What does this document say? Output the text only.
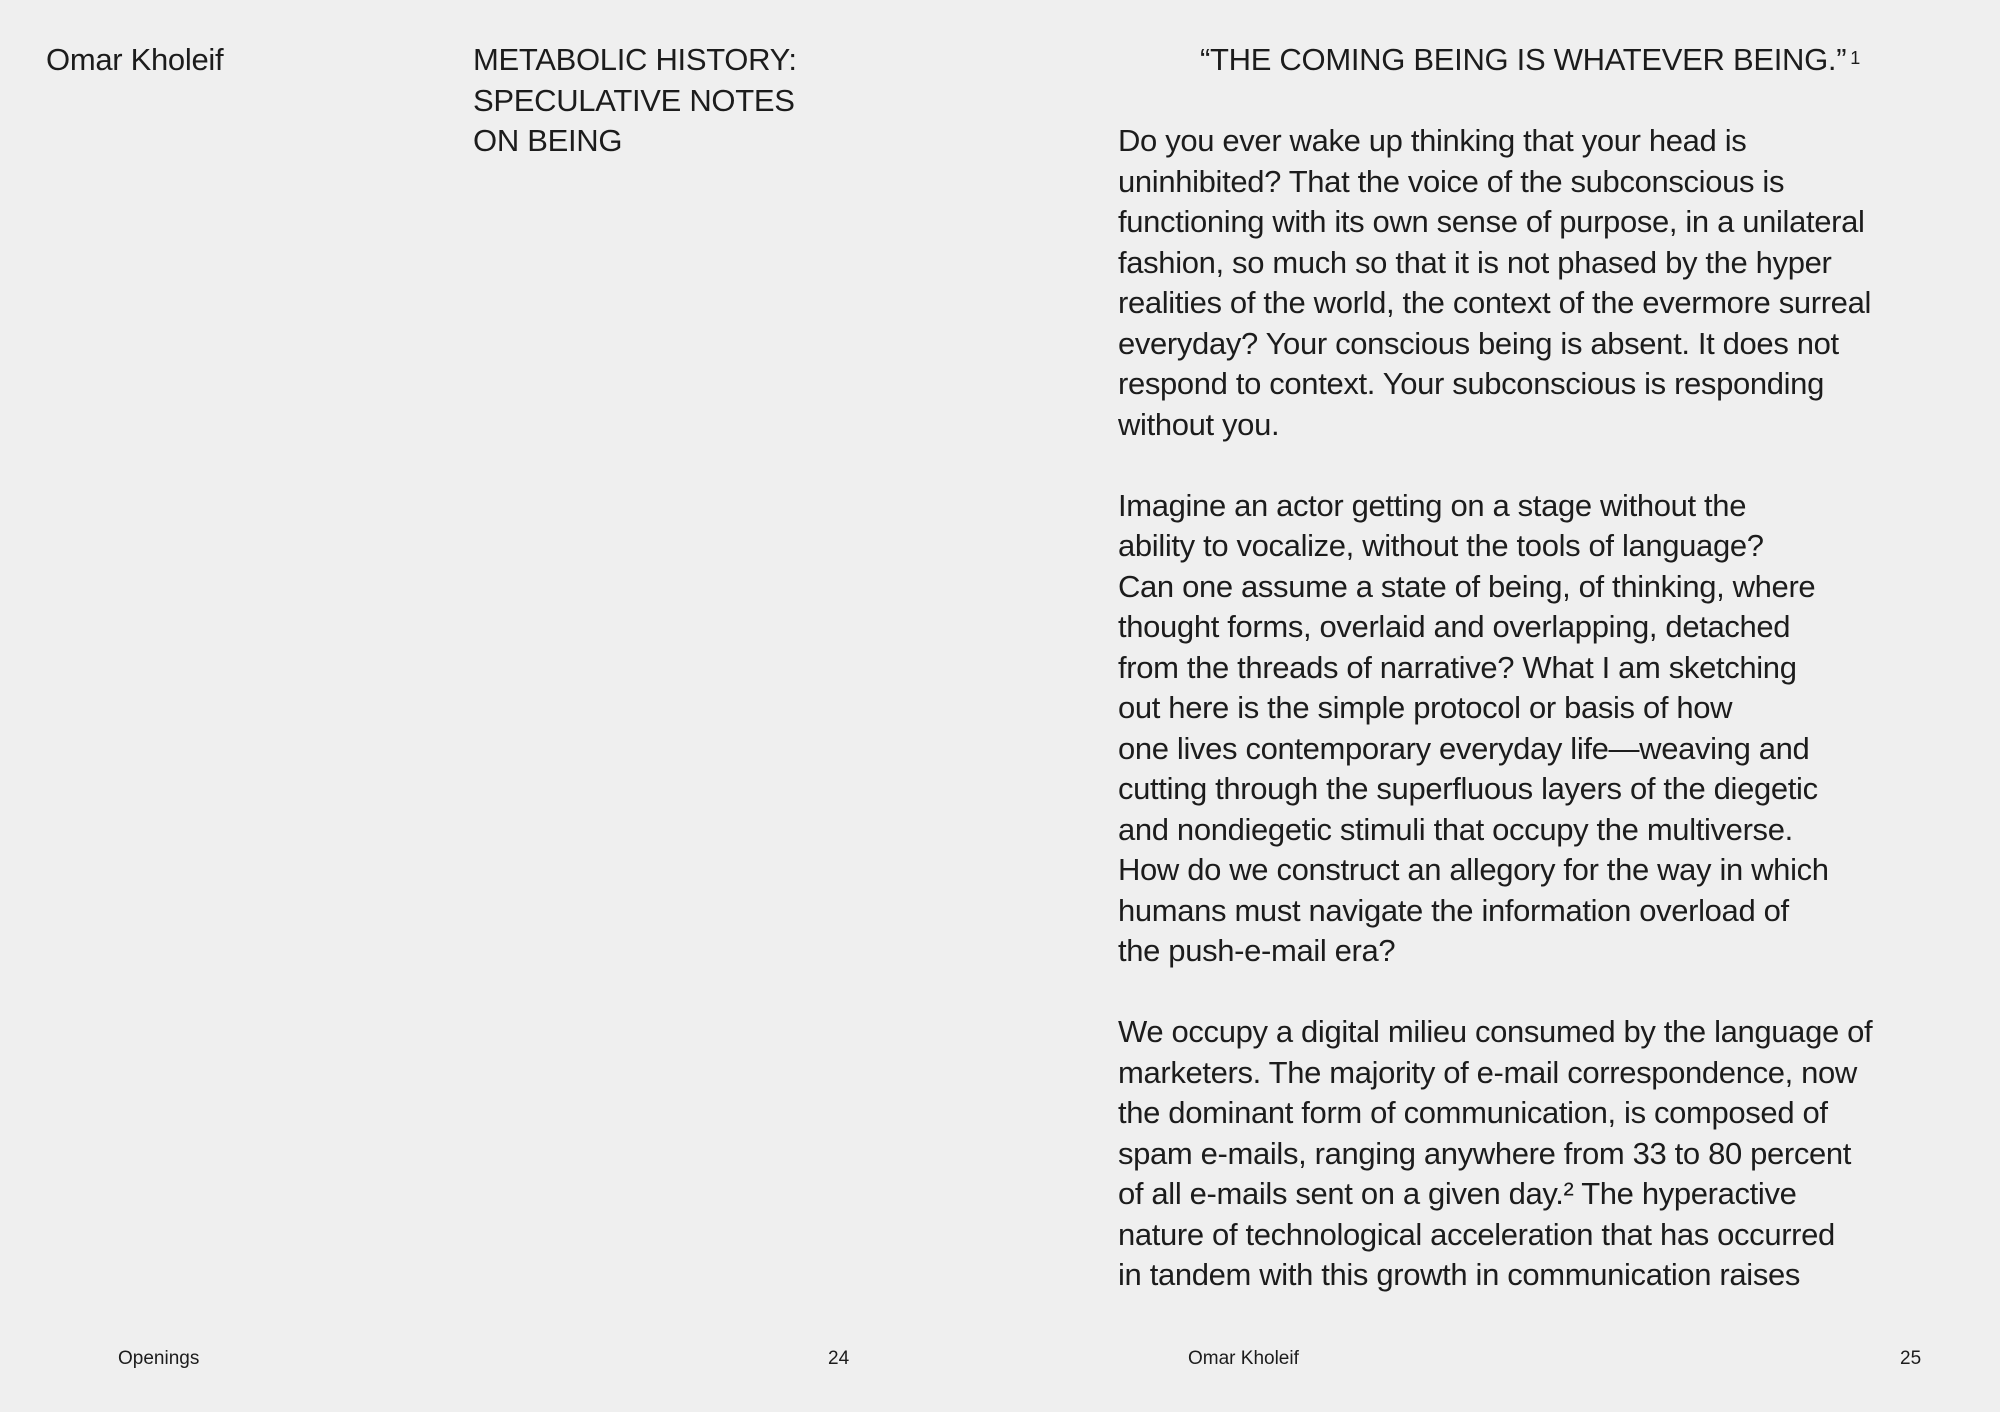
Omar Kholeif	METABOLIC HISTORY:
SPECULATIVE NOTES
ON BEING
“THE COMING BEING IS WHATEVER BEING.” $^1$

Do you ever wake up thinking that your head is
uninhibited? That the voice of the subconscious is
functioning with its own sense of purpose, in a unilateral
fashion, so much so that it is not phased by the hyper
realities of the world, the context of the evermore surreal
everyday? Your conscious being is absent. It does not
respond to context. Your subconscious is responding
without you.

Imagine an actor getting on a stage without the
ability to vocalize, without the tools of language?
Can one assume a state of being, of thinking, where
thought forms, overlaid and overlapping, detached
from the threads of narrative? What I am sketching
out here is the simple protocol or basis of how
one lives contemporary everyday life—weaving and
cutting through the superfluous layers of the diegetic
and nondiegetic stimuli that occupy the multiverse.
How do we construct an allegory for the way in which
humans must navigate the information overload of
the push-e-mail era?

We occupy a digital milieu consumed by the language of
marketers. The majority of e-mail correspondence, now
the dominant form of communication, is composed of
spam e-mails, ranging anywhere from 33 to 80 percent
of all e-mails sent on a given day.² The hyperactive
nature of technological acceleration that has occurred
in tandem with this growth in communication raises

Openings	24	Omar Kholeif	25
